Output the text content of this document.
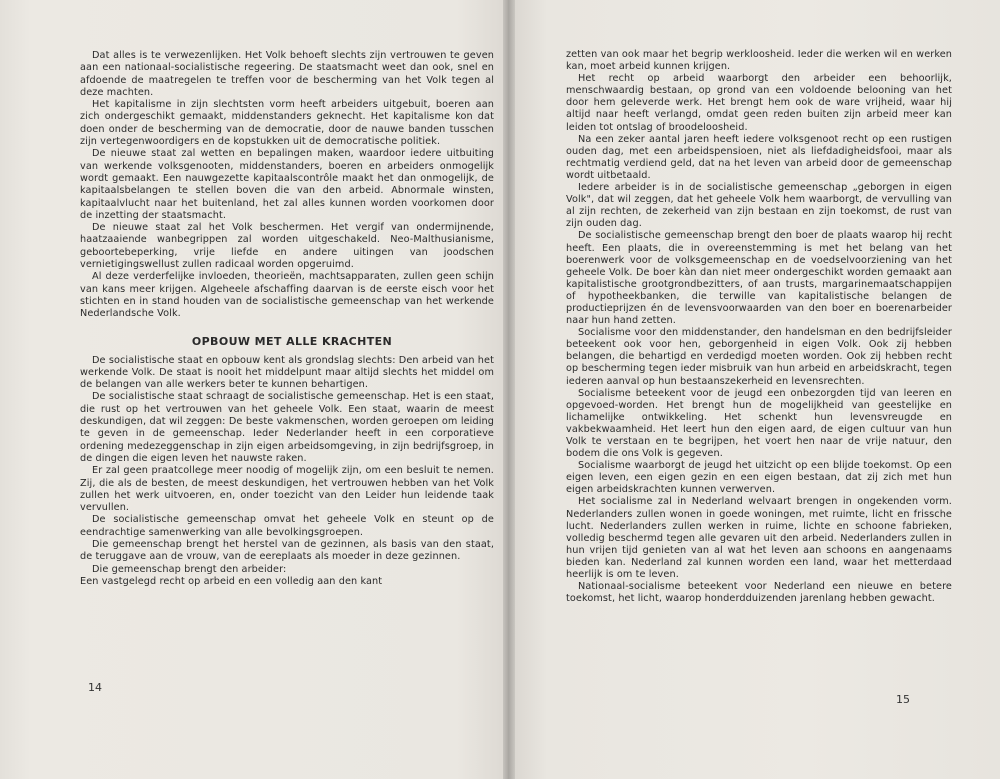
Dat alles is te verwezenlijken. Het Volk behoeft slechts zijn vertrouwen te geven aan een nationaal-socialistische regeering. De staatsmacht weet dan ook, snel en afdoende de maatregelen te treffen voor de bescherming van het Volk tegen al deze machten.

Het kapitalisme in zijn slechtsten vorm heeft arbeiders uitgebuit, boeren aan zich ondergeschikt gemaakt, middenstanders geknecht. Het kapitalisme kon dat doen onder de bescherming van de democratie, door de nauwe banden tusschen zijn vertegenwoordigers en de kopstukken uit de democratische politiek.

De nieuwe staat zal wetten en bepalingen maken, waardoor iedere uitbuiting van werkende volksgenooten, middenstanders, boeren en arbeiders onmogelijk wordt gemaakt. Een nauwgezette kapitaalscontrôle maakt het dan onmogelijk, de kapitaalsbelangen te stellen boven die van den arbeid. Abnormale winsten, kapitaalvlucht naar het buitenland, het zal alles kunnen worden voorkomen door de inzetting der staatsmacht.

De nieuwe staat zal het Volk beschermen. Het vergif van ondermijnende, haatzaaiende wanbegrippen zal worden uitgeschakeld. Neo-Malthusianisme, geboortebeperking, vrije liefde en andere uitingen van joodschen vernietigingswellust zullen radicaal worden opgeruimd.

Al deze verderfelijke invloeden, theorieën, machtsapparaten, zullen geen schijn van kans meer krijgen. Algeheele afschaffing daarvan is de eerste eisch voor het stichten en in stand houden van de socialistische gemeenschap van het werkende Nederlandsche Volk.

OPBOUW MET ALLE KRACHTEN

De socialistische staat en opbouw kent als grondslag slechts: Den arbeid van het werkende Volk. De staat is nooit het middelpunt maar altijd slechts het middel om de belangen van alle werkers beter te kunnen behartigen.

De socialistische staat schraagt de socialistische gemeenschap. Het is een staat, die rust op het vertrouwen van het geheele Volk. Een staat, waarin de meest deskundigen, dat wil zeggen: De beste vakmenschen, worden geroepen om leiding te geven in de gemeenschap. Ieder Nederlander heeft in een corporatieve ordening medezeggenschap in zijn eigen arbeidsomgeving, in zijn bedrijfsgroep, in de dingen die eigen leven het nauwste raken.

Er zal geen praatcollege meer noodig of mogelijk zijn, om een besluit te nemen. Zij, die als de besten, de meest deskundigen, het vertrouwen hebben van het Volk zullen het werk uitvoeren, en, onder toezicht van den Leider hun leidende taak vervullen.

De socialistische gemeenschap omvat het geheele Volk en steunt op de eendrachtige samenwerking van alle bevolkingsgroepen.

Die gemeenschap brengt het herstel van de gezinnen, als basis van den staat, de teruggave aan de vrouw, van de eereplaats als moeder in deze gezinnen.

Die gemeenschap brengt den arbeider:

Een vastgelegd recht op arbeid en een volledig aan den kant

14

zetten van ook maar het begrip werkloosheid. Ieder die werken wil en werken kan, moet arbeid kunnen krijgen.

Het recht op arbeid waarborgt den arbeider een behoorlijk, menschwaardig bestaan, op grond van een voldoende belooning van het door hem geleverde werk. Het brengt hem ook de ware vrijheid, waar hij altijd naar heeft verlangd, omdat geen reden buiten zijn arbeid meer kan leiden tot ontslag of broodeloosheid.

Na een zeker aantal jaren heeft iedere volksgenoot recht op een rustigen ouden dag, met een arbeidspensioen, niet als liefdadigheidsfooi, maar als rechtmatig verdiend geld, dat na het leven van arbeid door de gemeenschap wordt uitbetaald.

Iedere arbeider is in de socialistische gemeenschap „geborgen in eigen Volk", dat wil zeggen, dat het geheele Volk hem waarborgt, de vervulling van al zijn rechten, de zekerheid van zijn bestaan en zijn toekomst, de rust van zijn ouden dag.

De socialistische gemeenschap brengt den boer de plaats waarop hij recht heeft. Een plaats, die in overeenstemming is met het belang van het boerenwerk voor de volksgemeenschap en de voedselvoorziening van het geheele Volk. De boer kàn dan niet meer ondergeschikt worden gemaakt aan kapitalistische grootgrondbezitters, of aan trusts, margarinemaatschappijen of hypotheekbanken, die terwille van kapitalistische belangen de productieprijzen én de levensvoorwaarden van den boer en boerenarbeider naar hun hand zetten.

Socialisme voor den middenstander, den handelsman en den bedrijfsleider beteekent ook voor hen, geborgenheid in eigen Volk. Ook zij hebben belangen, die behartigd en verdedigd moeten worden. Ook zij hebben recht op bescherming tegen ieder misbruik van hun arbeid en arbeidskracht, tegen iederen aanval op hun bestaanszekerheid en levensrechten.

Socialisme beteekent voor de jeugd een onbezorgden tijd van leeren en opgevoed-worden. Het brengt hun de mogelijkheid van geestelijke en lichamelijke ontwikkeling. Het schenkt hun levensvreugde en vakbekwaamheid. Het leert hun den eigen aard, de eigen cultuur van hun Volk te verstaan en te begrijpen, het voert hen naar de vrije natuur, den bodem die ons Volk is gegeven.

Socialisme waarborgt de jeugd het uitzicht op een blijde toekomst. Op een eigen leven, een eigen gezin en een eigen bestaan, dat zij zich met hun eigen arbeidskrachten kunnen verwerven.

Het socialisme zal in Nederland welvaart brengen in ongekenden vorm. Nederlanders zullen wonen in goede woningen, met ruimte, licht en frissche lucht. Nederlanders zullen werken in ruime, lichte en schoone fabrieken, volledig beschermd tegen alle gevaren uit den arbeid. Nederlanders zullen in hun vrijen tijd genieten van al wat het leven aan schoons en aangenaams bieden kan. Nederland zal kunnen worden een land, waar het metterdaad heerlijk is om te leven.

Nationaal-socialisme beteekent voor Nederland een nieuwe en betere toekomst, het licht, waarop honderdduizenden jarenlang hebben gewacht.

15
